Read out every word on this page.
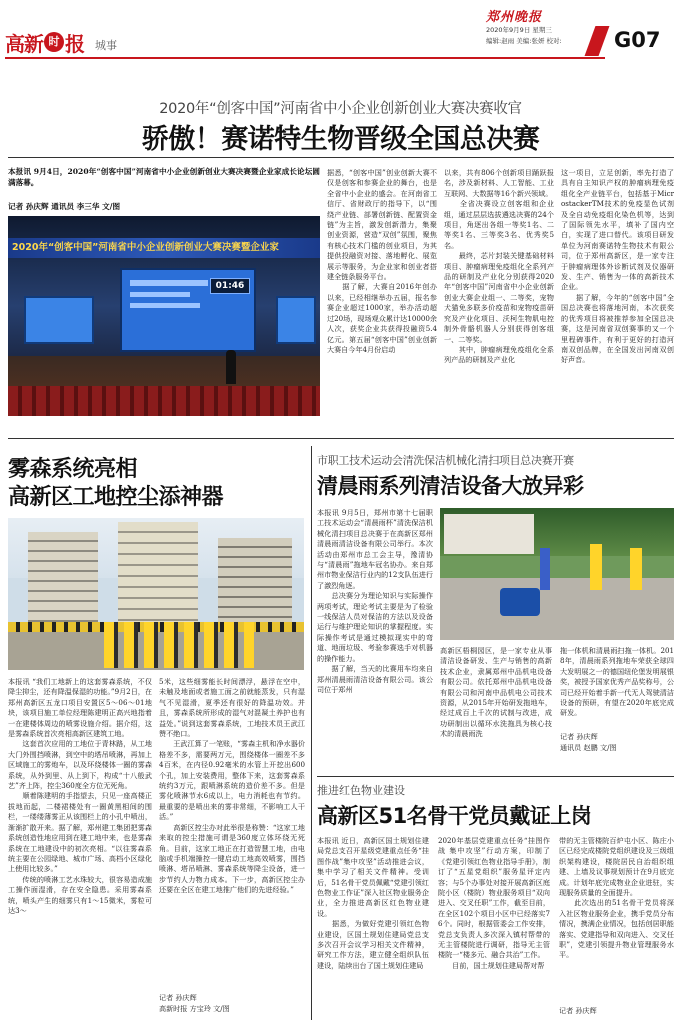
高新 时 报 城事
郑州晚报
2020年9月9日 星期三
编辑:赵雨 美编:张妍 校对: G07
2020年“创客中国”河南省中小企业创新创业大赛决赛收官
骄傲！赛诺特生物晋级全国总决赛
本报讯 9月4日，2020年“创客中国”河南省中小企业创新创业大赛决赛暨企业家成长论坛圆满落幕。
记者 孙庆辉 通讯员 李三华 文/图
2020年“创客中国”河南省中小企业创新创业大赛决赛暨企业家
01:46
据悉，“创客中国”创业创新大赛不仅是创客和参赛企业的舞台，也是全省中小企业的盛会。在河南省工信厅、省财政厅的指导下，以“围绕产业链、部署创新链、配置资金链”为主旨，激发创新潜力，集聚创业资源，营造“双创”氛围，聚焦有核心技术门槛的创业项目，为其提供投融资对接、落地孵化、展览展示等服务，为企业家和创业者搭建全链条服务平台。
　　据了解，大赛自2016年创办以来，已经相继举办五届，报名参赛企业超过1000家，举办活动超过20场，现场观众累计达10000余人次，获奖企业共获得投融资5.4亿元。第五届“创客中国”创业创新大赛自今年4月份启动
以来，共有806个创新项目踊跃报名，涉及新材料、人工智能、工业互联网、大数据等16个新兴领域。
　　全省决赛设立创客组和企业组，通过层层选拔遴选决赛的24个项目，角逐出各组一等奖1名、二等奖1名、三等奖3名、优秀奖5名。
　　最终，芯片封装关键基础材料项目、肿瘤病理免疫组化全系列产品的研制及产业化分别获得2020年“创客中国”河南省中小企业创新创业大赛企业组一、二等奖，宠物犬猫免多联多价疫苗和宠物疫苗研究及产业化项目、沃柯生物肌电控制外骨骼机器人分别获得创客组一、二等奖。
　　其中，肿瘤病理免疫组化全系列产品的研制及产业化
这一项目，立足创新，率先打造了具有自主知识产权的肿瘤病理免疫组化全产业链平台，包括基于MicrostackerTM技术的免疫显色试剂及全自动免疫组化染色机等，达到了国际领先水平，填补了国内空白，实现了进口替代。该项目研发单位为河南赛诺特生物技术有限公司，位于郑州高新区，是一家专注于肿瘤病理体外诊断试剂及仪器研发、生产、销售为一体的高新技术企业。
　　据了解，今年的“创客中国”全国总决赛也将落地河南，本次获奖的优秀项目将被推荐参加全国总决赛，这是河南省双创赛事的又一个里程碑事件，有利于更好的打造河南双创品牌，在全国发出河南双创好声音。
雾森系统亮相
高新区工地控尘添神器
本报讯 “我们工地新上的这套雾森系统，不仅降尘抑尘，还有降温保湿的功能。”9月2日，在郑州高新区五龙口项目安置区5～06～01地块，该项目施工单位经理陈建明正高兴地指着一在建楼体周边的喷雾设施介绍。据介绍，这是雾森系统首次亮相高新区建筑工地。
　　这套首次应用的工地位于青林路，从工地大门外围挡喷淋，到空中的塔吊喷淋，再加上区域施工的雾炮车，以及环绕楼体一圈的雾森系统，从外到里、从上到下，构成“十八般武艺”齐上阵，控尘360度全方位无死角。
　　顺着陈建明的手指望去，只见一座高楼正拔地而起，二楼裙楼处有一圈黄黑相间的围栏，一缕缕薄雾正从该围栏上的小孔中喷出，渐渐扩散开来。据了解，郑州建工集团把雾森系统创造性地应用到在建工地中来，也是雾森系统在工地建设中的初次亮相。“以往雾森系统主要在公园绿地、城市广场、高档小区绿化上使用比较多。”
　　传统的喷淋工艺水珠较大，很容易造成施工操作面湿滑，存在安全隐患。采用雾森系统，喷头产生的细雾只有1～15微米，雾粒可达3～
5米，这些细雾能长时间漂浮，悬浮在空中，未触及地面或者施工面之前就能蒸发，只有湿气不见湿滑，夏季还有很好的降温功效。并且，雾森系统所形成的湿气对混凝土养护也有益处。”说到这套雾森系统，工地技术员王武江赞不绝口。
　　王武江算了一笔账，“雾森主机和净水器价格差不多，需要两万元，围绕楼体一圈差不多4百米，在内径0.92毫米的水管上开挖出600个孔，加上安装费用，整体下来，这套雾森系统约3万元，跟喷淋系统的造价差不多。但是雾化喷淋节水6成以上，电力消耗也有节约。最重要的是喷出来的雾非常细，不影响工人干活。”
　　高新区控尘办对此举很是称赞：“这家工地来取的控尘措施可谓是360度立体环绕无死角。目前，这家工地正在打造智慧工地，由电脑或手机端操控一键启动工地高效喷雾，围挡喷淋、塔吊喷淋、雾森系统等降尘设备，进一步节约人力物力成本。下一步，高新区控尘办还要在全区在建工地推广他们的先进经验。”
记者 孙庆辉
高新时报 方宝玲 文/图
市职工技术运动会清洗保洁机械化清扫项目总决赛开赛
清晨雨系列清洁设备大放异彩
本报讯 9月5日，郑州市第十七届职工技术运动会“清晨雨杯”清洗保洁机械化清扫项目总决赛于在高新区郑州清晨雨清洁设备有限公司举行。本次活动由郑州市总工会主导，豫清协与“清晨雨”拖地车冠名协办。来自郑州市物业保洁行业内的12支队伍进行了激烈角逐。
　　总决赛分为理论知识与实际操作两项考试，理论考试主要是为了检验一线保洁人员对保洁的方法以及设备运行与维护理论知识的掌握程度。实际操作考试是通过模拟现实中的弯道、地面垃圾、考验参赛选手对机器的操作能力。
　　据了解，当天的比赛用车均来自郑州清晨雨清洁设备有限公司。该公司位于郑州
高新区梧桐园区，是一家专业从事清洁设备研发、生产与销售的高新技术企业，隶属郑州中品机电设备有限公司。依托郑州中品机电设备有限公司和河南中品机电公司技术资源，从2015年开始研发拖地车，经过成百上千次的试制与改进，成功研制出以循环水洗拖具为核心技术的清晨雨洗
拖一体机和清晨雨扫拖一体机。2018年，清晨雨系列拖地车荣获全球四大发明展之一的德国纽伦堡发明展银奖，被授予国家优秀产品奖称号，公司已经开始着手新一代无人驾驶清洁设备的预研，有望在2020年底完成研发。
记者 孙庆辉
通讯员 赵鹏 文/图
推进红色物业建设
高新区51名骨干党员戴证上岗
本报讯 近日，高新区国土规划住建局党总支召开星级党建重点任务“挂图作战”集中攻坚”活动推进会议，集中学习了相关文件精神。受训后，51名骨干党员佩戴“党建引领红色物业工作证”深入社区物业服务企业，全力推进高新区红色物业建设。
　　据悉，为做好党建引领红色物业建设，区国土规划住建局党总支多次召开会议学习相关文件精神，研究工作方法，建立健全组织队伍建设，陆续出台了国土规划住建局
2020年基层党建重点任务“挂图作战 集中攻坚”行动方案，印制了《党建引领红色物业指导手册》，制订了“五星党组织”服务星评定内容；与5个办事处对接开展高新区庭院小区（楼院）物业服务项目“双向进入、交叉任职”工作，截至目前，在全区102个项目小区中已经落实76个。同时，根据管委会工作安排，党总支负责人多次深入镇村帮带的无主管楼院进行调研，指导无主管楼院一“楼多元、融合共治”工作。
　　目前，国土规划住建局帮对帮
带的无主管楼院百炉屯小区、陈庄小区已经完成楼院党组织建设及三级组织架构建设，楼院居民自治组织组建、上墙及议事规划预计在9月底完成。计划年底完成物业企业进驻，实现服务质量的全面提升。
　　此次选出的51名骨干党员将深入社区物业服务企业，携手党员分布情况，携满企业情况，包括创居职能落实、党建指导和双向进入、交叉任职”，党建引领提升物业管理服务水平。
记者 孙庆辉
